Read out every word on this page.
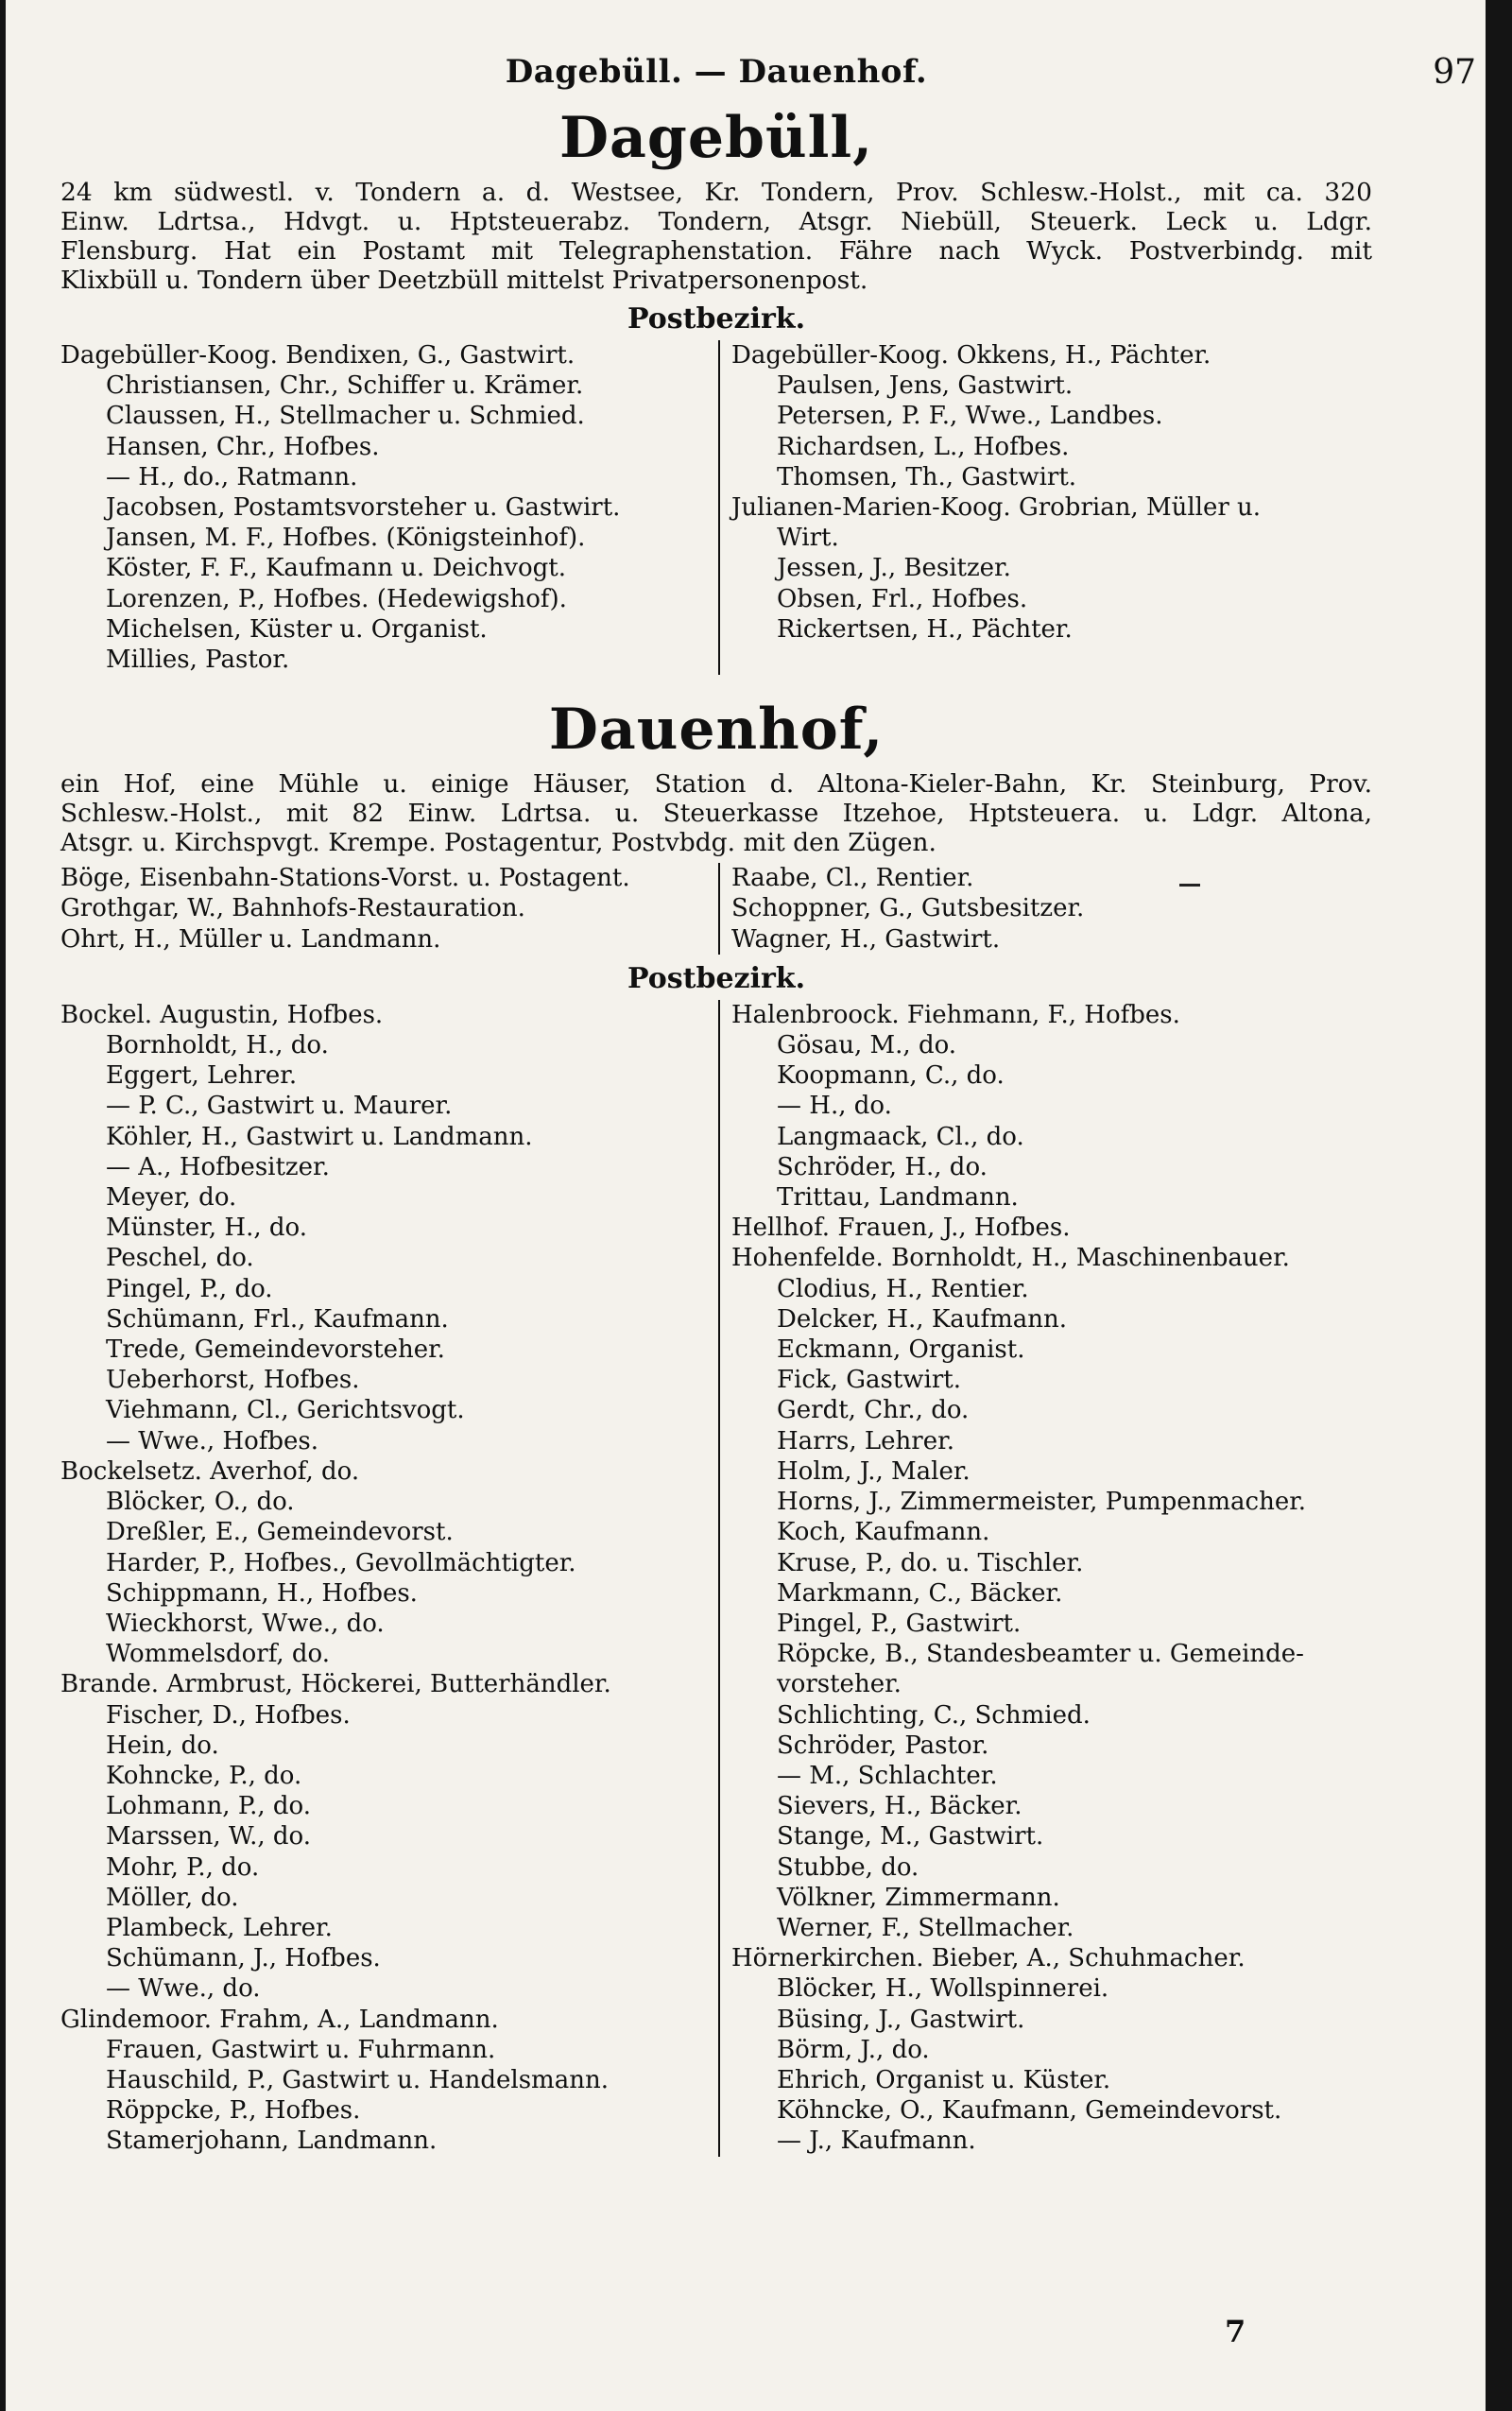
Dagebüll. — Dauenhof.	97
Dagebüll,
24 km südwestl. v. Tondern a. d. Westsee, Kr. Tondern, Prov. Schlesw.-Holst., mit ca. 320
Einw. Ldrtsa., Hdvgt. u. Hptsteuerabz. Tondern, Atsgr. Niebüll, Steuerk. Leck u. Ldgr.
Flensburg. Hat ein Postamt mit Telegraphenstation. Fähre nach Wyck. Postverbindg. mit
Klixbüll u. Tondern über Deetzbüll mittelst Privatpersonenpost.
Postbezirk.
Dagebüller-Koog. Bendixen, G., Gastwirt.
Christiansen, Chr., Schiffer u. Krämer.
Claussen, H., Stellmacher u. Schmied.
Hansen, Chr., Hofbes.
— H., do., Ratmann.
Jacobsen, Postamtsvorsteher u. Gastwirt.
Jansen, M. F., Hofbes. (Königsteinhof).
Köster, F. F., Kaufmann u. Deichvogt.
Lorenzen, P., Hofbes. (Hedewigshof).
Michelsen, Küster u. Organist.
Millies, Pastor.
Dagebüller-Koog. Okkens, H., Pächter.
Paulsen, Jens, Gastwirt.
Petersen, P. F., Wwe., Landbes.
Richardsen, L., Hofbes.
Thomsen, Th., Gastwirt.
Julianen-Marien-Koog. Grobrian, Müller u.
Wirt.
Jessen, J., Besitzer.
Obsen, Frl., Hofbes.
Rickertsen, H., Pächter.
Dauenhof,
ein Hof, eine Mühle u. einige Häuser, Station d. Altona-Kieler-Bahn, Kr. Steinburg, Prov.
Schlesw.-Holst., mit 82 Einw. Ldrtsa. u. Steuerkasse Itzehoe, Hptsteuera. u. Ldgr. Altona,
Atsgr. u. Kirchspvgt. Krempe. Postagentur, Postvbdg. mit den Zügen.
Böge, Eisenbahn-Stations-Vorst. u. Postagent.
Grothgar, W., Bahnhofs-Restauration.
Ohrt, H., Müller u. Landmann.
Raabe, Cl., Rentier.
Schoppner, G., Gutsbesitzer.
Wagner, H., Gastwirt.
Postbezirk.
Bockel. Augustin, Hofbes.
Bornholdt, H., do.
Eggert, Lehrer.
— P. C., Gastwirt u. Maurer.
Köhler, H., Gastwirt u. Landmann.
— A., Hofbesitzer.
Meyer, do.
Münster, H., do.
Peschel, do.
Pingel, P., do.
Schümann, Frl., Kaufmann.
Trede, Gemeindevorsteher.
Ueberhorst, Hofbes.
Viehmann, Cl., Gerichtsvogt.
— Wwe., Hofbes.
Bockelsetz. Averhof, do.
Blöcker, O., do.
Dreßler, E., Gemeindevorst.
Harder, P., Hofbes., Gevollmächtigter.
Schippmann, H., Hofbes.
Wieckhorst, Wwe., do.
Wommelsdorf, do.
Brande. Armbrust, Höckerei, Butterhändler.
Fischer, D., Hofbes.
Hein, do.
Kohncke, P., do.
Lohmann, P., do.
Marssen, W., do.
Mohr, P., do.
Möller, do.
Plambeck, Lehrer.
Schümann, J., Hofbes.
— Wwe., do.
Glindemoor. Frahm, A., Landmann.
Frauen, Gastwirt u. Fuhrmann.
Hauschild, P., Gastwirt u. Handelsmann.
Röppcke, P., Hofbes.
Stamerjohann, Landmann.
Halenbroock. Fiehmann, F., Hofbes.
Gösau, M., do.
Koopmann, C., do.
— H., do.
Langmaack, Cl., do.
Schröder, H., do.
Trittau, Landmann.
Hellhof. Frauen, J., Hofbes.
Hohenfelde. Bornholdt, H., Maschinenbauer.
Clodius, H., Rentier.
Delcker, H., Kaufmann.
Eckmann, Organist.
Fick, Gastwirt.
Gerdt, Chr., do.
Harrs, Lehrer.
Holm, J., Maler.
Horns, J., Zimmermeister, Pumpenmacher.
Koch, Kaufmann.
Kruse, P., do. u. Tischler.
Markmann, C., Bäcker.
Pingel, P., Gastwirt.
Röpcke, B., Standesbeamter u. Gemeinde-
vorsteher.
Schlichting, C., Schmied.
Schröder, Pastor.
— M., Schlachter.
Sievers, H., Bäcker.
Stange, M., Gastwirt.
Stubbe, do.
Völkner, Zimmermann.
Werner, F., Stellmacher.
Hörnerkirchen. Bieber, A., Schuhmacher.
Blöcker, H., Wollspinnerei.
Büsing, J., Gastwirt.
Börm, J., do.
Ehrich, Organist u. Küster.
Köhncke, O., Kaufmann, Gemeindevorst.
— J., Kaufmann.
7
